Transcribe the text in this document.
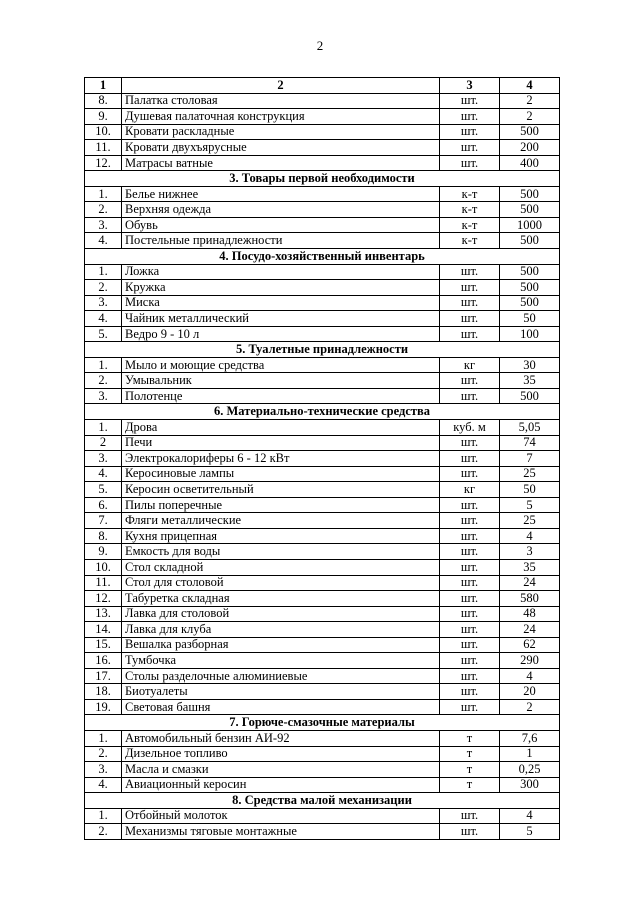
2
1	2	3	4
8.	Палатка столовая	шт.	2
9.	Душевая палаточная конструкция	шт.	2
10.	Кровати раскладные	шт.	500
11.	Кровати двухъярусные	шт.	200
12.	Матрасы ватные	шт.	400
3. Товары первой необходимости			
1.	Белье нижнее	к-т	500
2.	Верхняя одежда	к-т	500
3.	Обувь	к-т	1000
4.	Постельные принадлежности	к-т	500
4. Посудо-хозяйственный инвентарь			
1.	Ложка	шт.	500
2.	Кружка	шт.	500
3.	Миска	шт.	500
4.	Чайник металлический	шт.	50
5.	Ведро 9 - 10 л	шт.	100
5. Туалетные принадлежности			
1.	Мыло и моющие средства	кг	30
2.	Умывальник	шт.	35
3.	Полотенце	шт.	500
6. Материально-технические средства			
1.	Дрова	куб. м	5,05
2	Печи	шт.	74
3.	Электрокалориферы 6 - 12 кВт	шт.	7
4.	Керосиновые лампы	шт.	25
5.	Керосин осветительный	кг	50
6.	Пилы поперечные	шт.	5
7.	Фляги металлические	шт.	25
8.	Кухня прицепная	шт.	4
9.	Емкость для воды	шт.	3
10.	Стол складной	шт.	35
11.	Стол для столовой	шт.	24
12.	Табуретка складная	шт.	580
13.	Лавка для столовой	шт.	48
14.	Лавка для клуба	шт.	24
15.	Вешалка разборная	шт.	62
16.	Тумбочка	шт.	290
17.	Столы разделочные алюминиевые	шт.	4
18.	Биотуалеты	шт.	20
19.	Световая башня	шт.	2
7. Горюче-смазочные материалы			
1.	Автомобильный бензин АИ-92	т	7,6
2.	Дизельное топливо	т	1
3.	Масла и смазки	т	0,25
4.	Авиационный керосин	т	300
8. Средства малой механизации			
1.	Отбойный молоток	шт.	4
2.	Механизмы тяговые монтажные	шт.	5
